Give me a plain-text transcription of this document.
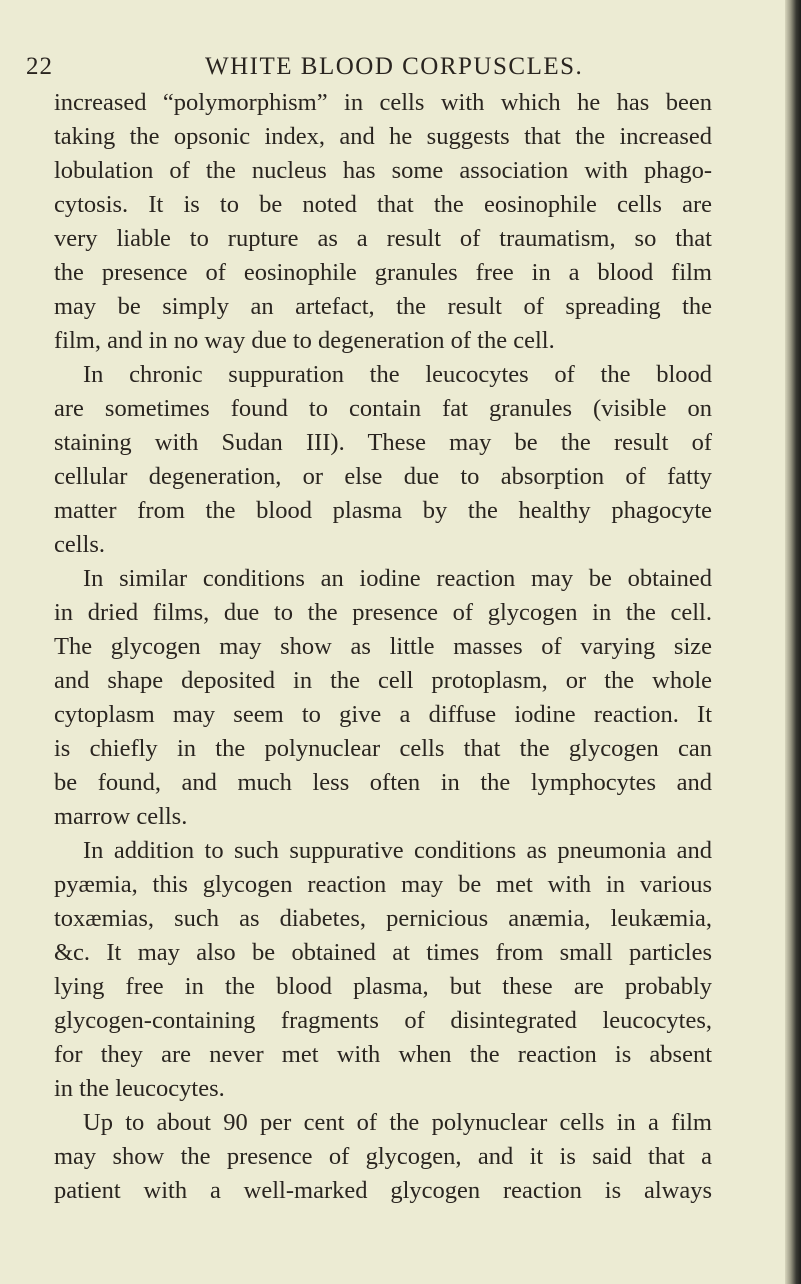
22	WHITE BLOOD CORPUSCLES.
increased “polymorphism” in cells with which he has been
taking the opsonic index, and he suggests that the increased
lobulation of the nucleus has some association with phago-
cytosis. It is to be noted that the eosinophile cells are
very liable to rupture as a result of traumatism, so that
the presence of eosinophile granules free in a blood film
may be simply an artefact, the result of spreading the
film, and in no way due to degeneration of the cell.
In chronic suppuration the leucocytes of the blood
are sometimes found to contain fat granules (visible on
staining with Sudan III). These may be the result of
cellular degeneration, or else due to absorption of fatty
matter from the blood plasma by the healthy phagocyte
cells.
In similar conditions an iodine reaction may be obtained
in dried films, due to the presence of glycogen in the cell.
The glycogen may show as little masses of varying size
and shape deposited in the cell protoplasm, or the whole
cytoplasm may seem to give a diffuse iodine reaction. It
is chiefly in the polynuclear cells that the glycogen can
be found, and much less often in the lymphocytes and
marrow cells.
In addition to such suppurative conditions as pneumonia and
pyæmia, this glycogen reaction may be met with in various
toxæmias, such as diabetes, pernicious anæmia, leukæmia,
&c. It may also be obtained at times from small particles
lying free in the blood plasma, but these are probably
glycogen-containing fragments of disintegrated leucocytes,
for they are never met with when the reaction is absent
in the leucocytes.
Up to about 90 per cent of the polynuclear cells in a film
may show the presence of glycogen, and it is said that a
patient with a well-marked glycogen reaction is always
